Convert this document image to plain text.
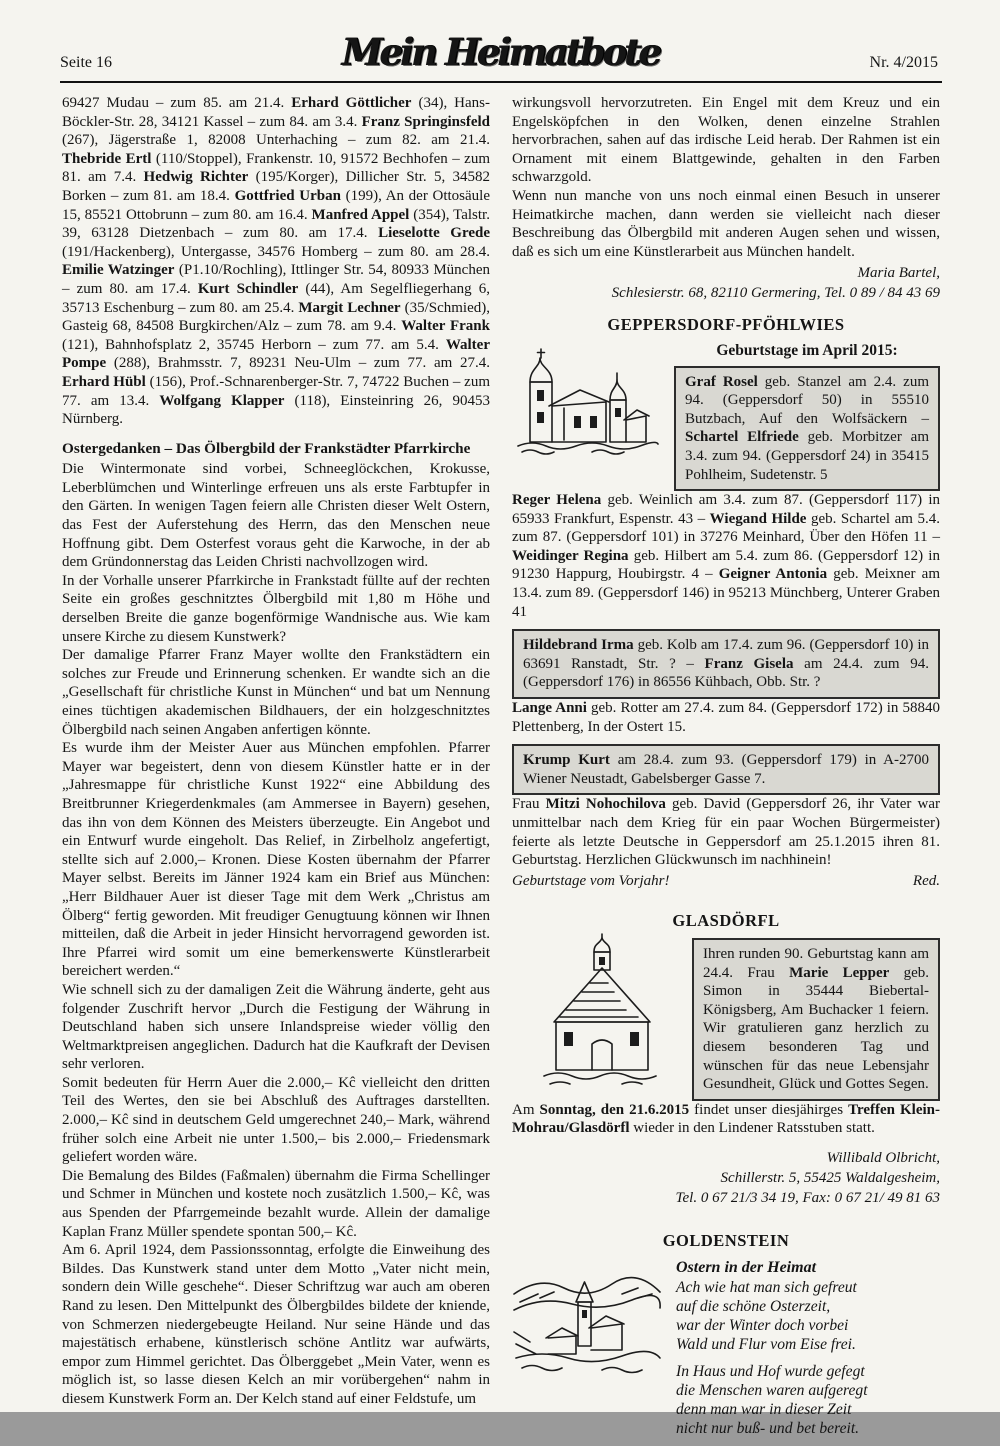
Seite 16	Mein Heimatbote	Nr. 4/2015

69427 Mudau – zum 85. am 21.4. Erhard Göttlicher (34), Hans-Böckler-Str. 28, 34121 Kassel – zum 84. am 3.4. Franz Springinsfeld (267), Jägerstraße 1, 82008 Unterhaching – zum 82. am 21.4. Thebride Ertl (110/Stoppel), Frankenstr. 10, 91572 Bechhofen – zum 81. am 7.4. Hedwig Richter (195/Korger), Dillicher Str. 5, 34582 Borken – zum 81. am 18.4. Gottfried Urban (199), An der Ottosäule 15, 85521 Ottobrunn – zum 80. am 16.4. Manfred Appel (354), Talstr. 39, 63128 Dietzenbach – zum 80. am 17.4. Lieselotte Grede (191/Hackenberg), Untergasse, 34576 Homberg – zum 80. am 28.4. Emilie Watzinger (P1.10/Rochling), Ittlinger Str. 54, 80933 München – zum 80. am 17.4. Kurt Schindler (44), Am Segelfliegerhang 6, 35713 Eschenburg – zum 80. am 25.4. Margit Lechner (35/Schmied), Gasteig 68, 84508 Burgkirchen/Alz – zum 78. am 9.4. Walter Frank (121), Bahnhofsplatz 2, 35745 Herborn – zum 77. am 5.4. Walter Pompe (288), Brahmsstr. 7, 89231 Neu-Ulm – zum 77. am 27.4. Erhard Hübl (156), Prof.-Schnarenberger-Str. 7, 74722 Buchen – zum 77. am 13.4. Wolfgang Klapper (118), Einsteinring 26, 90453 Nürnberg.

Ostergedanken – Das Ölbergbild der Frankstädter Pfarrkirche

Die Wintermonate sind vorbei, Schneeglöckchen, Krokusse, Leberblümchen und Winterlinge erfreuen uns als erste Farbtupfer in den Gärten. In wenigen Tagen feiern alle Christen dieser Welt Ostern, das Fest der Auferstehung des Herrn, das den Menschen neue Hoffnung gibt. Dem Osterfest voraus geht die Karwoche, in der ab dem Gründonnerstag das Leiden Christi nachvollzogen wird.

In der Vorhalle unserer Pfarrkirche in Frankstadt füllte auf der rechten Seite ein großes geschnitztes Ölbergbild mit 1,80 m Höhe und derselben Breite die ganze bogenförmige Wandnische aus. Wie kam unsere Kirche zu diesem Kunstwerk?

Der damalige Pfarrer Franz Mayer wollte den Frankstädtern ein solches zur Freude und Erinnerung schenken. Er wandte sich an die „Gesellschaft für christliche Kunst in München“ und bat um Nennung eines tüchtigen akademischen Bildhauers, der ein holzgeschnitztes Ölbergbild nach seinen Angaben anfertigen könnte.

Es wurde ihm der Meister Auer aus München empfohlen. Pfarrer Mayer war begeistert, denn von diesem Künstler hatte er in der „Jahresmappe für christliche Kunst 1922“ eine Abbildung des Breitbrunner Kriegerdenkmales (am Ammersee in Bayern) gesehen, das ihn von dem Können des Meisters überzeugte. Ein Angebot und ein Entwurf wurde eingeholt. Das Relief, in Zirbelholz angefertigt, stellte sich auf 2.000,– Kronen. Diese Kosten übernahm der Pfarrer Mayer selbst. Bereits im Jänner 1924 kam ein Brief aus München: „Herr Bildhauer Auer ist dieser Tage mit dem Werk „Christus am Ölberg“ fertig geworden. Mit freudiger Genugtuung können wir Ihnen mitteilen, daß die Arbeit in jeder Hinsicht hervorragend geworden ist. Ihre Pfarrei wird somit um eine bemerkenswerte Künstlerarbeit bereichert werden.“

Wie schnell sich zu der damaligen Zeit die Währung änderte, geht aus folgender Zuschrift hervor „Durch die Festigung der Währung in Deutschland haben sich unsere Inlandspreise wieder völlig den Weltmarktpreisen angeglichen. Dadurch hat die Kaufkraft der Devisen sehr verloren.

Somit bedeuten für Herrn Auer die 2.000,– Kĉ vielleicht den dritten Teil des Wertes, den sie bei Abschluß des Auftrages darstellten. 2.000,– Kĉ sind in deutschem Geld umgerechnet 240,– Mark, während früher solch eine Arbeit nie unter 1.500,– bis 2.000,– Friedensmark geliefert worden wäre.

Die Bemalung des Bildes (Faßmalen) übernahm die Firma Schellinger und Schmer in München und kostete noch zusätzlich 1.500,– Kĉ, was aus Spenden der Pfarrgemeinde bezahlt wurde. Allein der damalige Kaplan Franz Müller spendete spontan 500,– Kĉ.

Am 6. April 1924, dem Passionssonntag, erfolgte die Einweihung des Bildes. Das Kunstwerk stand unter dem Motto „Vater nicht mein, sondern dein Wille geschehe“. Dieser Schriftzug war auch am oberen Rand zu lesen. Den Mittelpunkt des Ölbergbildes bildete der kniende, von Schmerzen niedergebeugte Heiland. Nur seine Hände und das majestätisch erhabene, künstlerisch schöne Antlitz war aufwärts, empor zum Himmel gerichtet. Das Ölberggebet „Mein Vater, wenn es möglich ist, so lasse diesen Kelch an mir vorübergehen“ nahm in diesem Kunstwerk Form an. Der Kelch stand auf einer Feldstufe, um

wirkungsvoll hervorzutreten. Ein Engel mit dem Kreuz und ein Engelsköpfchen in den Wolken, denen einzelne Strahlen hervorbrachen, sahen auf das irdische Leid herab. Der Rahmen ist ein Ornament mit einem Blattgewinde, gehalten in den Farben schwarzgold.

Wenn nun manche von uns noch einmal einen Besuch in unserer Heimatkirche machen, dann werden sie vielleicht nach dieser Beschreibung das Ölbergbild mit anderen Augen sehen und wissen, daß es sich um eine Künstlerarbeit aus München handelt.

Maria Bartel,
Schlesierstr. 68, 82110 Germering, Tel. 0 89 / 84 43 69
GEPPERSDORF-PFÖHLWIES
Geburtstage im April 2015:
Graf Rosel geb. Stanzel am 2.4. zum 94. (Geppersdorf 50) in 55510 Butzbach, Auf den Wolfsäckern – Schartel Elfriede geb. Morbitzer am 3.4. zum 94. (Geppersdorf 24) in 35415 Pohlheim, Sudetenstr. 5

Reger Helena geb. Weinlich am 3.4. zum 87. (Geppersdorf 117) in 65933 Frankfurt, Espenstr. 43 – Wiegand Hilde geb. Schartel am 5.4. zum 87. (Geppersdorf 101) in 37276 Meinhard, Über den Höfen 11 – Weidinger Regina geb. Hilbert am 5.4. zum 86. (Geppersdorf 12) in 91230 Happurg, Houbirgstr. 4 – Geigner Antonia geb. Meixner am 13.4. zum 89. (Geppersdorf 146) in 95213 Münchberg, Unterer Graben 41

Hildebrand Irma geb. Kolb am 17.4. zum 96. (Geppersdorf 10) in 63691 Ranstadt, Str. ? – Franz Gisela am 24.4. zum 94. (Geppersdorf 176) in 86556 Kühbach, Obb. Str. ?

Lange Anni geb. Rotter am 27.4. zum 84. (Geppersdorf 172) in 58840 Plettenberg, In der Ostert 15.

Krump Kurt am 28.4. zum 93. (Geppersdorf 179) in A-2700 Wiener Neustadt, Gabelsberger Gasse 7.

Frau Mitzi Nohochilova geb. David (Geppersdorf 26, ihr Vater war unmittelbar nach dem Krieg für ein paar Wochen Bürgermeister) feierte als letzte Deutsche in Geppersdorf am 25.1.2015 ihren 81. Geburtstag. Herzlichen Glückwunsch im nachhinein!

Geburtstage vom Vorjahr!	Red.
GLASDÖRFL
Ihren runden 90. Geburtstag kann am 24.4. Frau Marie Lepper geb. Simon in 35444 Biebertal-Königsberg, Am Buchacker 1 feiern. Wir gratulieren ganz herzlich zu diesem besonderen Tag und wünschen für das neue Lebensjahr Gesundheit, Glück und Gottes Segen.

Am Sonntag, den 21.6.2015 findet unser diesjähirges Treffen Klein-Mohrau/Glasdörfl wieder in den Lindener Ratsstuben statt.

Willibald Olbricht,
Schillerstr. 5, 55425 Waldalgesheim,
Tel. 0 67 21/3 34 19, Fax: 0 67 21/ 49 81 63
GOLDENSTEIN
Ostern in der Heimat
Ach wie hat man sich gefreut
auf die schöne Osterzeit,
war der Winter doch vorbei
Wald und Flur vom Eise frei.
In Haus und Hof wurde gefegt
die Menschen waren aufgeregt
denn man war in dieser Zeit
nicht nur buß- und bet bereit.
